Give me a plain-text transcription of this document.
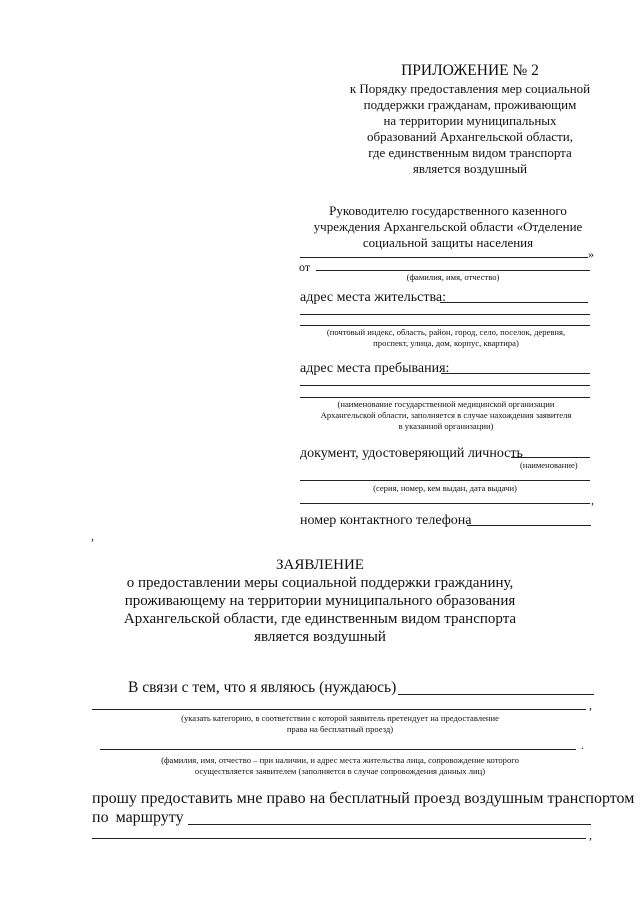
ПРИЛОЖЕНИЕ № 2
к Порядку предоставления мер социальной
поддержки гражданам, проживающим
на территории муниципальных
образований Архангельской области,
где единственным видом транспорта
является воздушный
Руководителю государственного казенного
учреждения Архангельской области «Отделение
социальной защиты населения
»
от
(фамилия, имя, отчество)
адрес места жительства:
(почтовый индекс, область, район, город, село, поселок, деревня,
проспект, улица, дом, корпус, квартира)
адрес места пребывания:
(наименование государственной медицинской организации
Архангельской области, заполняется в случае нахождения заявителя
в указанной организации)
документ, удостоверяющий личность
(наименование)
(серия, номер, кем выдан, дата выдачи)
,
номер контактного телефона
,
ЗАЯВЛЕНИЕ
о предоставлении меры социальной поддержки гражданину,
проживающему на территории муниципального образования
Архангельской области, где единственным видом транспорта
является воздушный
В связи с тем, что я являюсь (нуждаюсь)
,
(указать категорию, в соответствии с которой заявитель претендует на предоставление
права на бесплатный проезд)
.
(фамилия, имя, отчество – при наличии, и адрес места жительства лица, сопровождение которого
осуществляется заявителем (заполняется в случае сопровождения данных лиц)
прошу предоставить мне право на бесплатный проезд воздушным транспортом
по маршруту
,
